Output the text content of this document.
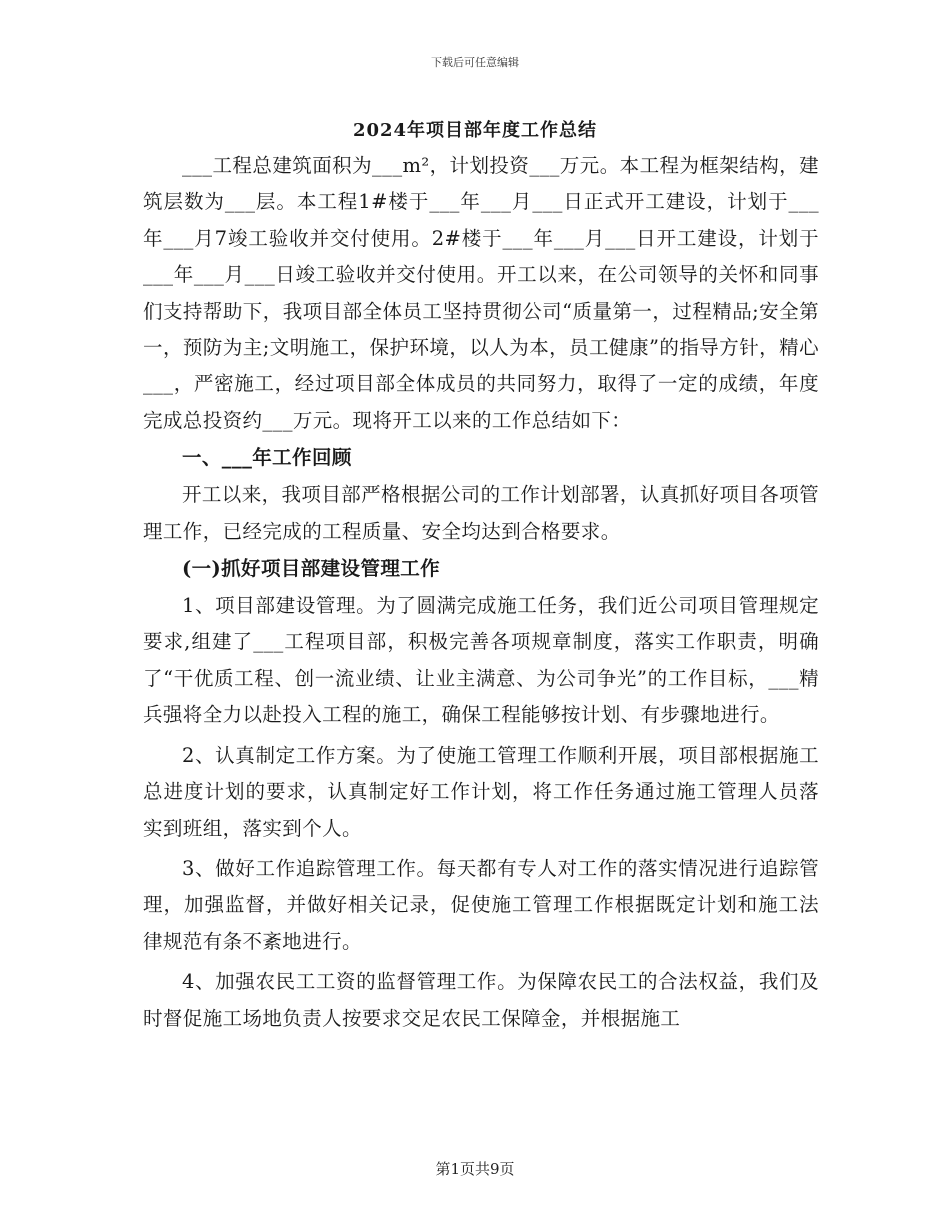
下载后可任意编辑
2024年项目部年度工作总结

___工程总建筑面积为___m²，计划投资___万元。本工程为框架结构，建筑层数为___层。本工程1#楼于___年___月___日正式开工建设，计划于___年___月7竣工验收并交付使用。2#楼于___年___月___日开工建设，计划于___年___月___日竣工验收并交付使用。开工以来，在公司领导的关怀和同事们支持帮助下，我项目部全体员工坚持贯彻公司“质量第一，过程精品;安全第一，预防为主;文明施工，保护环境，以人为本，员工健康”的指导方针，精心___，严密施工，经过项目部全体成员的共同努力，取得了一定的成绩，年度完成总投资约___万元。现将开工以来的工作总结如下：

一、___年工作回顾

开工以来，我项目部严格根据公司的工作计划部署，认真抓好项目各项管理工作，已经完成的工程质量、安全均达到合格要求。

(一)抓好项目部建设管理工作

1、项目部建设管理。为了圆满完成施工任务，我们近公司项目管理规定要求,组建了___工程项目部，积极完善各项规章制度，落实工作职责，明确了“干优质工程、创一流业绩、让业主满意、为公司争光”的工作目标，___精兵强将全力以赴投入工程的施工，确保工程能够按计划、有步骤地进行。

2、认真制定工作方案。为了使施工管理工作顺利开展，项目部根据施工总进度计划的要求，认真制定好工作计划，将工作任务通过施工管理人员落实到班组，落实到个人。

3、做好工作追踪管理工作。每天都有专人对工作的落实情况进行追踪管理，加强监督，并做好相关记录，促使施工管理工作根据既定计划和施工法律规范有条不紊地进行。

4、加强农民工工资的监督管理工作。为保障农民工的合法权益，我们及时督促施工场地负责人按要求交足农民工保障金，并根据施工

第1页共9页
